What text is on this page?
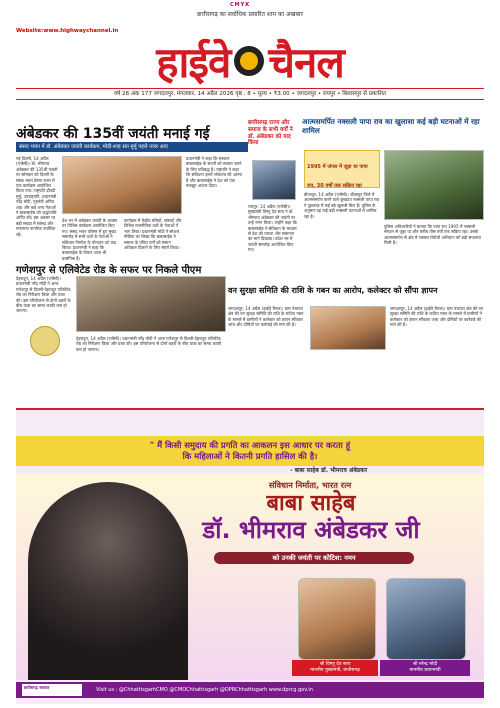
CMYK
छत्तीसगढ़ का सर्वाधिक प्रसारित शाम का अखबार
Website:www.highwaychannel.in
हाईवे चैनल
वर्ष 28 अंक 177 जगदलपुर, मंगलवार, 14 अप्रैल 2026 पृष्ठ : 8 • मूल्य • ₹3.00 • जगदलपुर • रायपुर • बिलासपुर से प्रकाशित
अंबेडकर की 135वीं जयंती मनाई गई
संसद भवन में डॉ. अंबेडकर जयंती कार्यक्रम, मोदी-शाह संत मुर्मू पहले नजर आए
नई दिल्ली, 14 अप्रैल (एजेंसी)। डॉ. भीमराव अंबेडकर की 135वीं जयंती पर सोमवार को दिल्ली के संसद भवन प्रेरणा स्थल में एक कार्यक्रम आयोजित किया गया। राष्ट्रपति द्रौपदी मुर्मू, उपराष्ट्रपति, प्रधानमंत्री नरेंद्र मोदी, गृहमंत्री अमित शाह और कई अन्य नेताओं ने बाबासाहेब को श्रद्धांजलि अर्पित की। इस अवसर पर बड़ी संख्या में सांसद और गणमान्य नागरिक उपस्थित रहे।
देश भर में अंबेडकर जयंती के अवसर पर विभिन्न कार्यक्रम आयोजित किए गए। संसद भवन परिसर में हुए मुख्य समारोह में सभी दलों के नेताओं ने संविधान निर्माता के योगदान को याद किया। प्रधानमंत्री ने कहा कि बाबासाहेब के विचार आज भी प्रासंगिक हैं।
कार्यक्रम में केंद्रीय मंत्रियों, सांसदों और विभिन्न राजनीतिक दलों के नेताओं ने भाग लिया। प्रधानमंत्री मोदी ने सोशल मीडिया पर लिखा कि बाबासाहेब ने समाज के वंचित वर्गों को समान अधिकार दिलाने के लिए संघर्ष किया।
प्रधानमंत्री ने कहा कि सरकार बाबासाहेब के सपनों को साकार करने के लिए प्रतिबद्ध है। राष्ट्रपति ने कहा कि संविधान हमारे लोकतंत्र की आत्मा है और बाबासाहेब ने देश को एक मजबूत आधार दिया।
छत्तीसगढ़ राज्य और समाज के सभी वर्गों ने डॉ. अंबेडकर को याद किया
रायपुर, 14 अप्रैल (एजेंसी)। मुख्यमंत्री विष्णु देव साय ने डॉ. भीमराव अंबेडकर की जयंती पर उन्हें नमन किया। उन्होंने कहा कि बाबासाहेब ने संविधान के माध्यम से देश को एकता और समानता का मार्ग दिखाया। प्रदेश भर में जयंती समारोह आयोजित किए गए।
आत्मसमर्पित नक्सली पापा राव का खुलासा कई बड़ी घटनाओं में रहा शामिल
1995 में जंगल में जुड़ा था पापा राव, 30 वर्षों तक सक्रिय रहा
बीजापुर, 14 अप्रैल (एजेंसी)। बीजापुर जिले में आत्मसमर्पण करने वाले कुख्यात नक्सली पापा राव ने पूछताछ में कई बड़े खुलासे किए हैं। पुलिस के अनुसार वह कई बड़ी नक्सली घटनाओं में शामिल रहा है।
पुलिस अधिकारियों ने बताया कि पापा राव 1995 में नक्सली संगठन से जुड़ा था और करीब तीस वर्षों तक सक्रिय रहा। उसके आत्मसमर्पण से क्षेत्र में नक्सल विरोधी अभियान को बड़ी सफलता मिली है।
गणेशपुर से एलिवेटेड रोड के सफर पर निकले पीएम
देहरादून, 14 अप्रैल (एजेंसी)। प्रधानमंत्री नरेंद्र मोदी ने आज गणेशपुर से दिल्ली-देहरादून एलिवेटेड रोड का निरीक्षण किया और यात्रा की। इस परियोजना से दोनों शहरों के बीच यात्रा का समय काफी कम हो जाएगा।
देहरादून, 14 अप्रैल (एजेंसी)। प्रधानमंत्री नरेंद्र मोदी ने आज गणेशपुर से दिल्ली-देहरादून एलिवेटेड रोड का निरीक्षण किया और यात्रा की। इस परियोजना से दोनों शहरों के बीच यात्रा का समय काफी कम हो जाएगा।
वन सुरक्षा समिति की राशि के गबन का आरोप, कलेक्टर को सौंपा ज्ञापन
जगदलपुर, 14 अप्रैल (हाईवे चैनल)। ग्राम पंचायत क्षेत्र की वन सुरक्षा समिति की राशि के कथित गबन के मामले में ग्रामीणों ने कलेक्टर को ज्ञापन सौंपकर जांच और दोषियों पर कार्रवाई की मांग की है।
जगदलपुर, 14 अप्रैल (हाईवे चैनल)। ग्राम पंचायत क्षेत्र की वन सुरक्षा समिति की राशि के कथित गबन के मामले में ग्रामीणों ने कलेक्टर को ज्ञापन सौंपकर जांच और दोषियों पर कार्रवाई की मांग की है।
" मैं किसी समुदाय की प्रगति का आकलन इस आधार पर करता हूं
कि महिलाओं ने कितनी प्रगति हासिल की है।
- बाबा साहेब डॉ. भीमराव अंबेडकर
संविधान निर्माता, भारत रत्न
बाबा साहेब
डॉ. भीमराव अंबेडकर जी
को उनकी जयंती पर कोटिश: नमन
श्री विष्णु देव साय
माननीय मुख्यमंत्री, छत्तीसगढ़
श्री नरेन्द्र मोदी
माननीय प्रधानमंत्री
Visit us : @ChhattisgarhCMO @CMOChhattisgarh @DPRChhattisgarh www.dprcg.gov.in
छत्तीसगढ़ सरकार
